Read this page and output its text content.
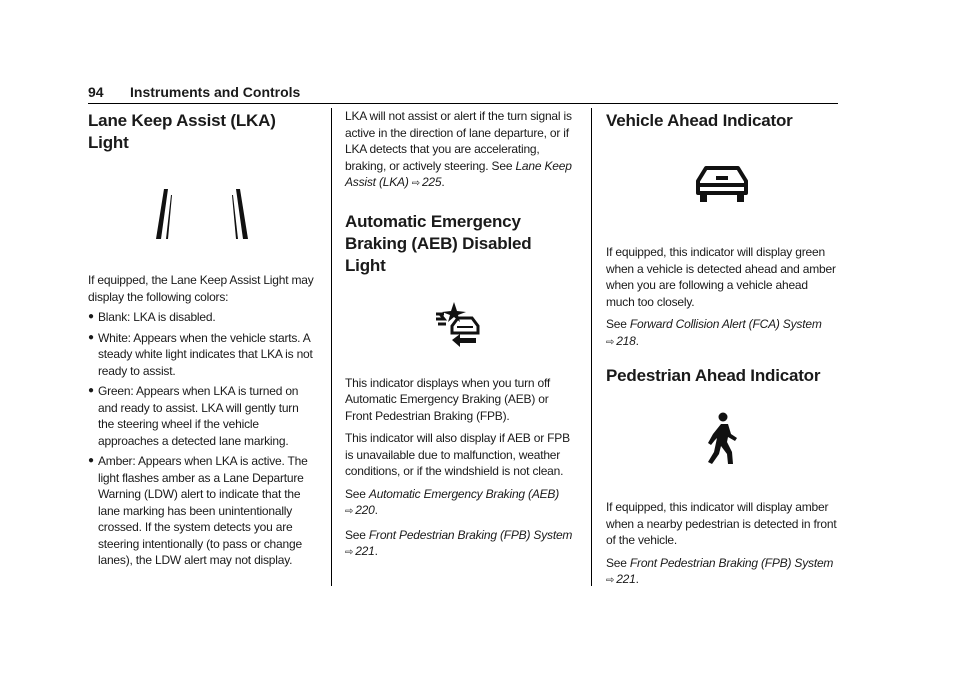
94 Instruments and Controls
Lane Keep Assist (LKA) Light

If equipped, the Lane Keep Assist Light may display the following colors:

● Blank: LKA is disabled.

● White: Appears when the vehicle starts. A steady white light indicates that LKA is not ready to assist.

● Green: Appears when LKA is turned on and ready to assist. LKA will gently turn the steering wheel if the vehicle approaches a detected lane marking.

● Amber: Appears when LKA is active. The light flashes amber as a Lane Departure Warning (LDW) alert to indicate that the lane marking has been unintentionally crossed. If the system detects you are steering intentionally (to pass or change lanes), the LDW alert may not display.

LKA will not assist or alert if the turn signal is active in the direction of lane departure, or if LKA detects that you are accelerating, braking, or actively steering. See Lane Keep Assist (LKA) ⇨ 225.

Automatic Emergency Braking (AEB) Disabled Light

This indicator displays when you turn off Automatic Emergency Braking (AEB) or Front Pedestrian Braking (FPB).

This indicator will also display if AEB or FPB is unavailable due to malfunction, weather conditions, or if the windshield is not clean.

See Automatic Emergency Braking (AEB)
⇨ 220.

See Front Pedestrian Braking (FPB) System
⇨ 221.

Vehicle Ahead Indicator

If equipped, this indicator will display green when a vehicle is detected ahead and amber when you are following a vehicle ahead much too closely.

See Forward Collision Alert (FCA) System
⇨ 218.

Pedestrian Ahead Indicator

If equipped, this indicator will display amber when a nearby pedestrian is detected in front of the vehicle.

See Front Pedestrian Braking (FPB) System
⇨ 221.
